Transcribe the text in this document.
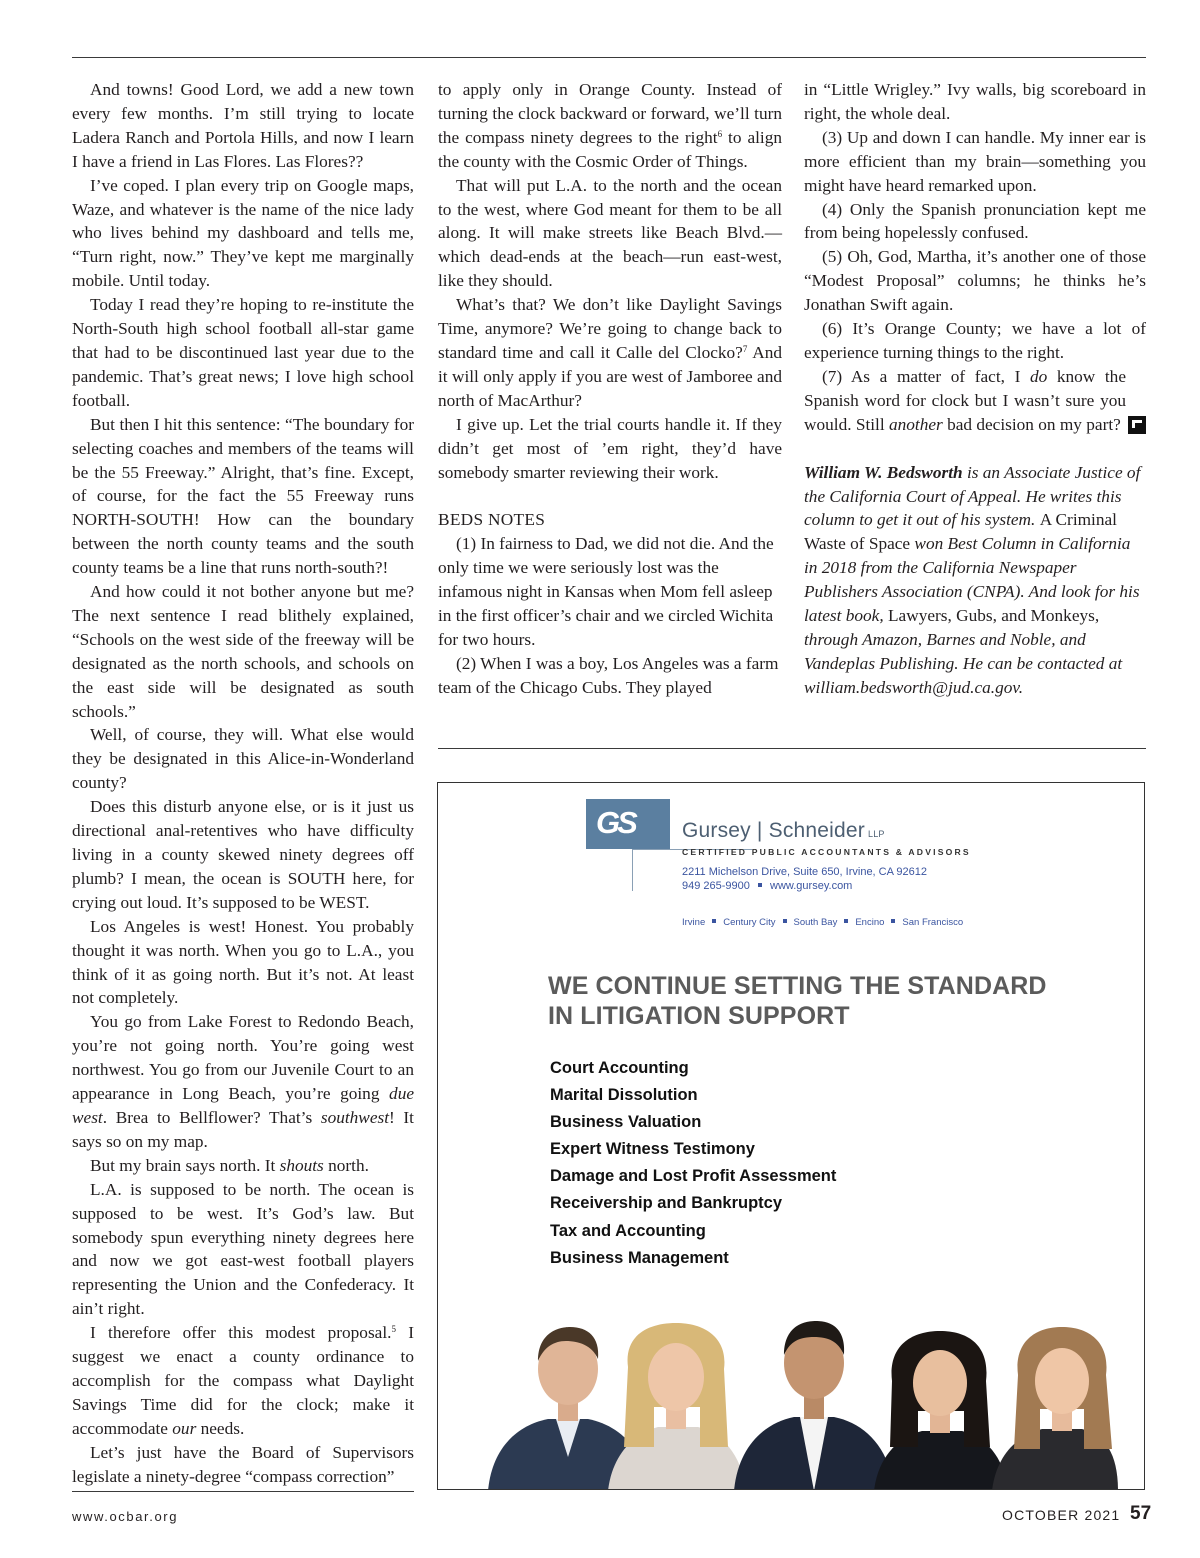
And towns! Good Lord, we add a new town every few months. I’m still trying to locate Ladera Ranch and Portola Hills, and now I learn I have a friend in Las Flores. Las Flores??

I’ve coped. I plan every trip on Google maps, Waze, and whatever is the name of the nice lady who lives behind my dashboard and tells me, “Turn right, now.” They’ve kept me marginally mobile. Until today.

Today I read they’re hoping to re-institute the North-South high school football all-star game that had to be discontinued last year due to the pandemic. That’s great news; I love high school football.

But then I hit this sentence: “The boundary for selecting coaches and members of the teams will be the 55 Freeway.” Alright, that’s fine. Except, of course, for the fact the 55 Freeway runs NORTH-SOUTH! How can the boundary between the north county teams and the south county teams be a line that runs north-south?!

And how could it not bother anyone but me? The next sentence I read blithely explained, “Schools on the west side of the freeway will be designated as the north schools, and schools on the east side will be designated as south schools.”

Well, of course, they will. What else would they be designated in this Alice-in-Wonderland county?

Does this disturb anyone else, or is it just us directional anal-retentives who have difficulty living in a county skewed ninety degrees off plumb? I mean, the ocean is SOUTH here, for crying out loud. It’s supposed to be WEST.

Los Angeles is west! Honest. You probably thought it was north. When you go to L.A., you think of it as going north. But it’s not. At least not completely.

You go from Lake Forest to Redondo Beach, you’re not going north. You’re going west northwest. You go from our Juvenile Court to an appearance in Long Beach, you’re going due west. Brea to Bellflower? That’s southwest! It says so on my map.

But my brain says north. It shouts north.

L.A. is supposed to be north. The ocean is supposed to be west. It’s God’s law. But somebody spun everything ninety degrees here and now we got east-west football players representing the Union and the Confederacy. It ain’t right.

I therefore offer this modest proposal.$^5$ I suggest we enact a county ordinance to accomplish for the compass what Daylight Savings Time did for the clock; make it accommodate our needs.

Let’s just have the Board of Supervisors legislate a ninety-degree “compass correction”

to apply only in Orange County. Instead of turning the clock backward or forward, we’ll turn the compass ninety degrees to the right$^6$ to align the county with the Cosmic Order of Things.

That will put L.A. to the north and the ocean to the west, where God meant for them to be all along. It will make streets like Beach Blvd.—which dead-ends at the beach—run east-west, like they should.

What’s that? We don’t like Daylight Savings Time, anymore? We’re going to change back to standard time and call it Calle del Clocko?$^7$ And it will only apply if you are west of Jamboree and north of MacArthur?

I give up. Let the trial courts handle it. If they didn’t get most of ’em right, they’d have somebody smarter reviewing their work.

BEDS NOTES

(1) In fairness to Dad, we did not die. And the only time we were seriously lost was the infamous night in Kansas when Mom fell asleep in the first officer’s chair and we circled Wichita for two hours.

(2) When I was a boy, Los Angeles was a farm team of the Chicago Cubs. They played

in “Little Wrigley.” Ivy walls, big scoreboard in right, the whole deal.

(3) Up and down I can handle. My inner ear is more efficient than my brain—something you might have heard remarked upon.

(4) Only the Spanish pronunciation kept me from being hopelessly confused.

(5) Oh, God, Martha, it’s another one of those “Modest Proposal” columns; he thinks he’s Jonathan Swift again.

(6) It’s Orange County; we have a lot of experience turning things to the right.

(7) As a matter of fact, I do know the Spanish word for clock but I wasn’t sure you would. Still another bad decision on my part?

William W. Bedsworth is an Associate Justice of the California Court of Appeal. He writes this column to get it out of his system. A Criminal Waste of Space won Best Column in California in 2018 from the California Newspaper Publishers Association (CNPA). And look for his latest book, Lawyers, Gubs, and Monkeys, through Amazon, Barnes and Noble, and Vandeplas Publishing. He can be contacted at william.bedsworth@jud.ca.gov.

GS Gursey | Schneider LLP
CERTIFIED PUBLIC ACCOUNTANTS & ADVISORS
2211 Michelson Drive, Suite 650, Irvine, CA 92612
949 265-9900 www.gursey.com
Irvine Century City South Bay Encino San Francisco
WE CONTINUE SETTING THE STANDARD
IN LITIGATION SUPPORT
Court Accounting
Marital Dissolution
Business Valuation
Expert Witness Testimony
Damage and Lost Profit Assessment
Receivership and Bankruptcy
Tax and Accounting
Business Management
www.ocbar.org	OCTOBER 2021 57
